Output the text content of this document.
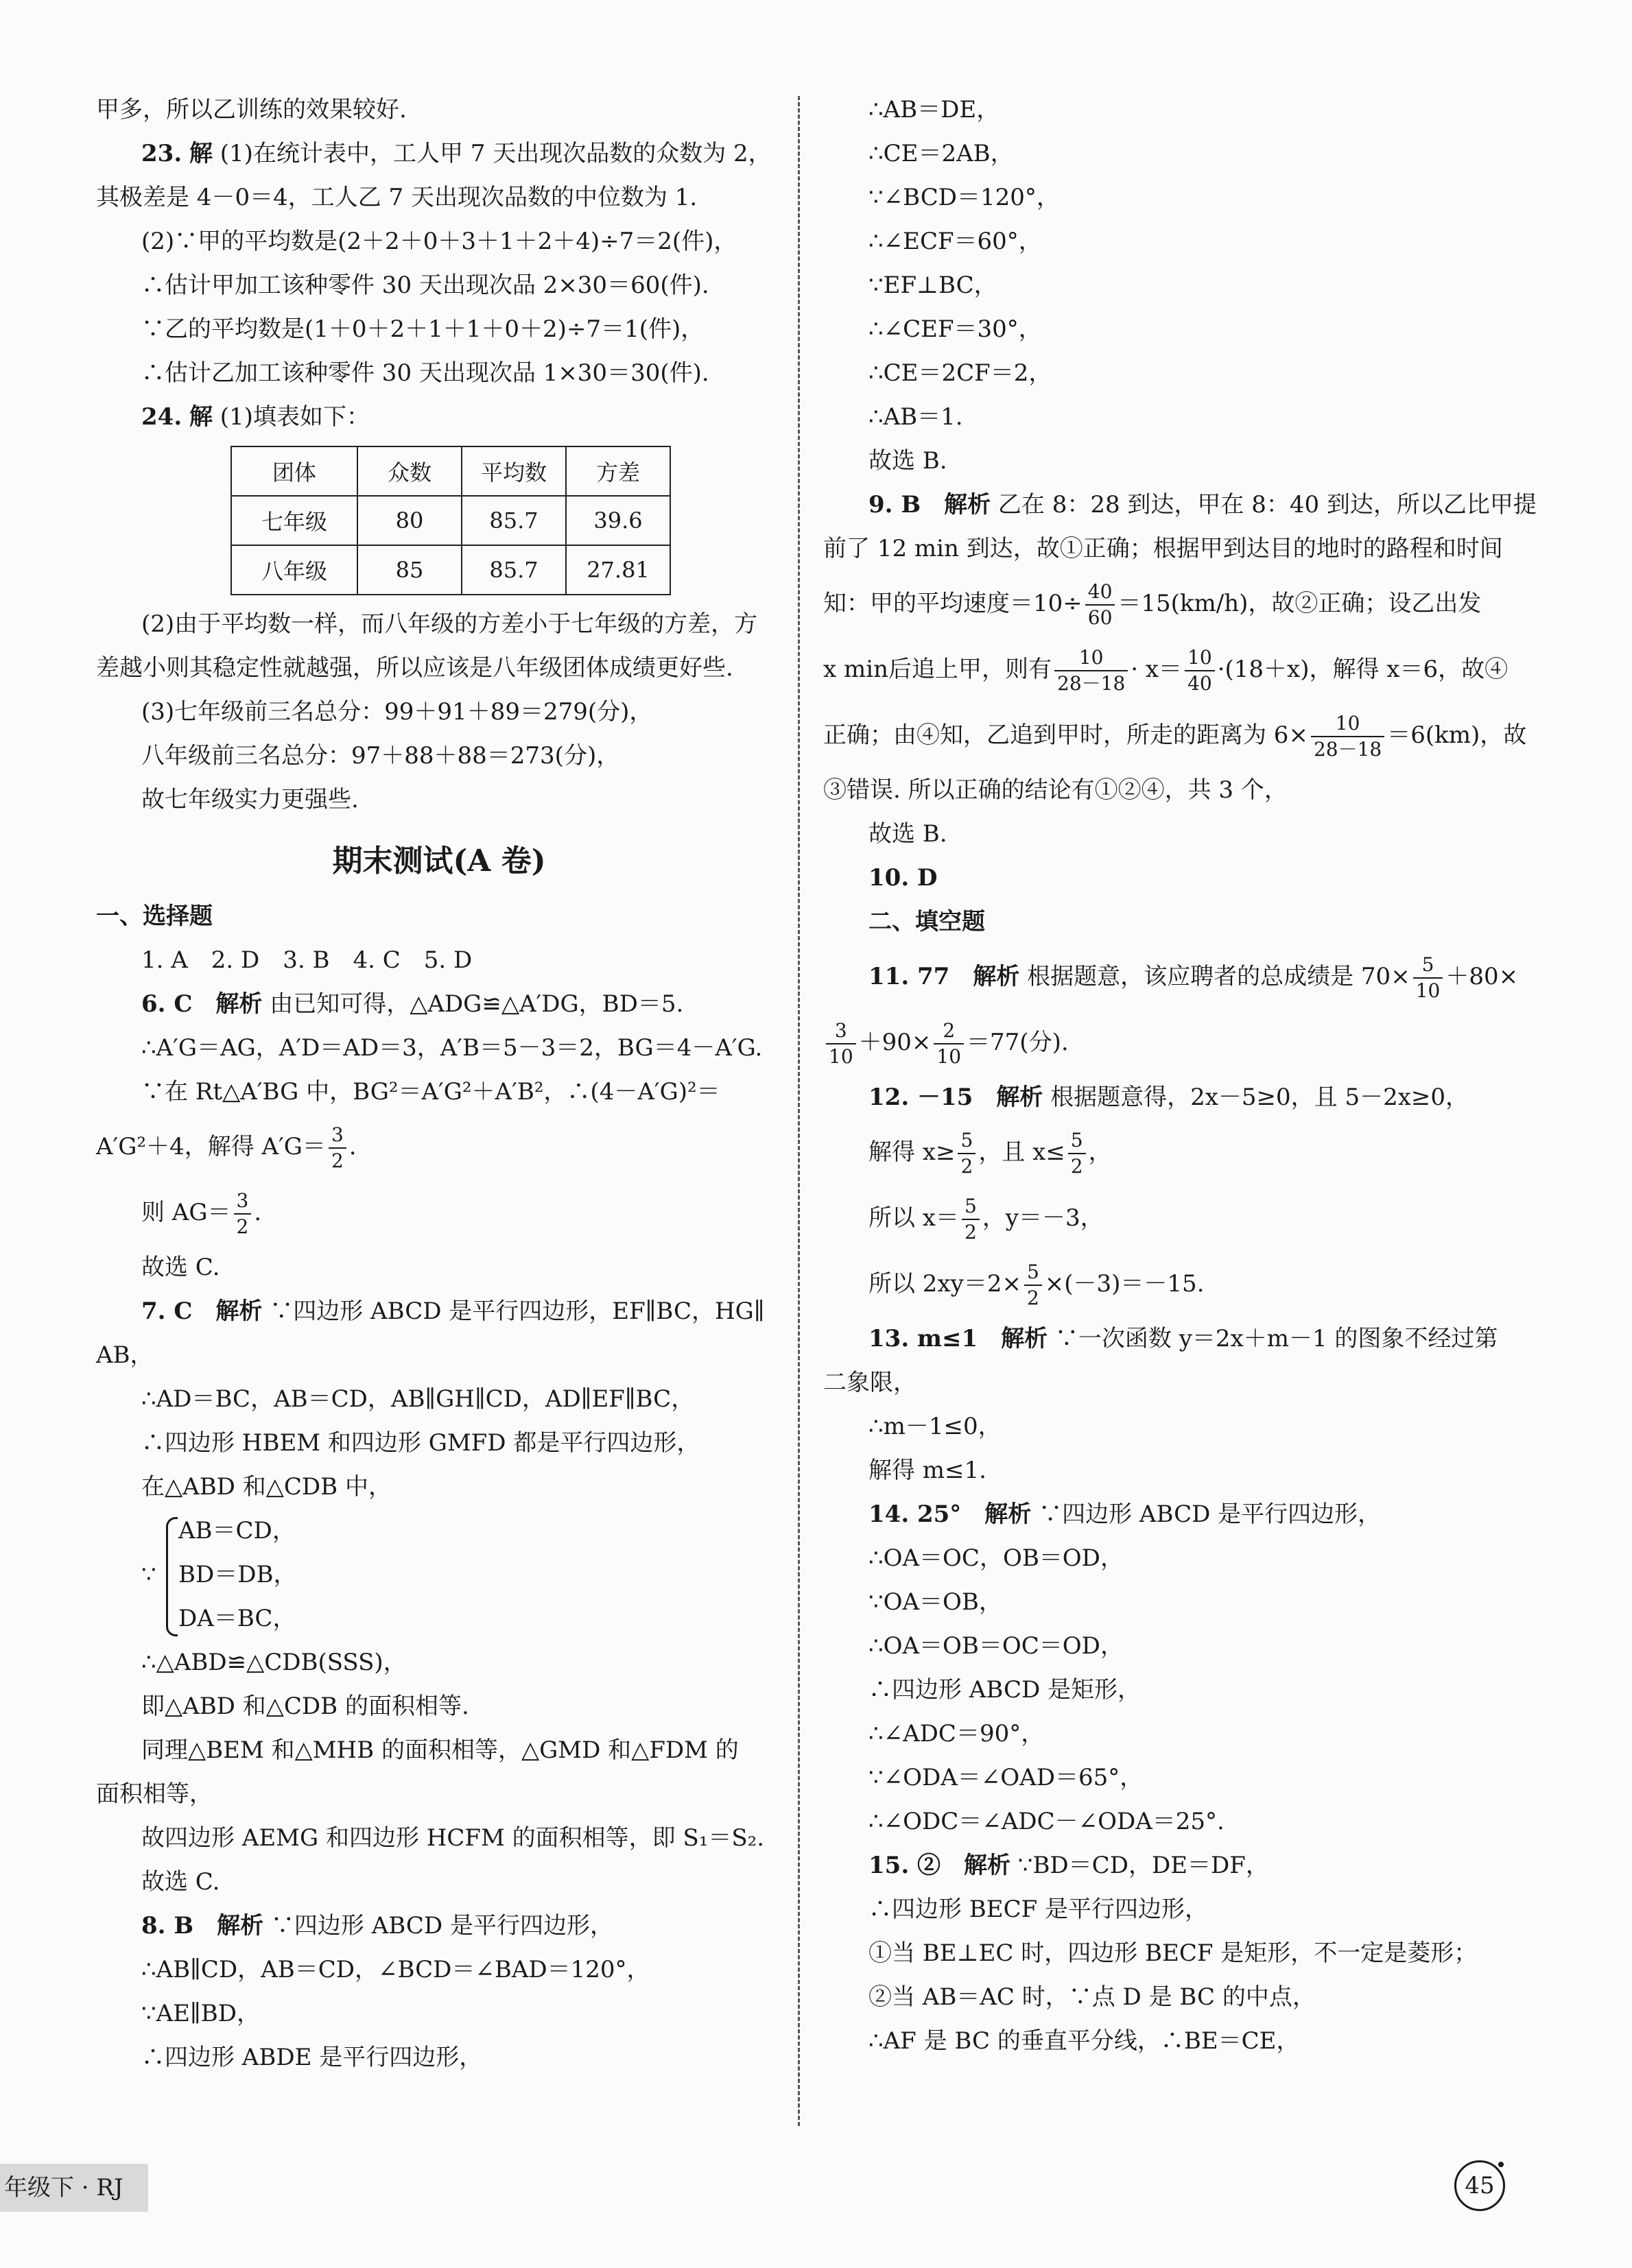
甲多，所以乙训练的效果较好.
23. 解 (1)在统计表中，工人甲 7 天出现次品数的众数为 2，
其极差是 4－0＝4，工人乙 7 天出现次品数的中位数为 1.
(2)∵甲的平均数是(2＋2＋0＋3＋1＋2＋4)÷7＝2(件)，
∴估计甲加工该种零件 30 天出现次品 2×30＝60(件).
∵乙的平均数是(1＋0＋2＋1＋1＋0＋2)÷7＝1(件)，
∴估计乙加工该种零件 30 天出现次品 1×30＝30(件).
24. 解 (1)填表如下：
团体	众数	平均数	方差
七年级	80	85.7	39.6
八年级	85	85.7	27.81
(2)由于平均数一样，而八年级的方差小于七年级的方差，方
差越小则其稳定性就越强，所以应该是八年级团体成绩更好些.
(3)七年级前三名总分：99＋91＋89＝279(分)，
八年级前三名总分：97＋88＋88＝273(分)，
故七年级实力更强些.
期末测试(A 卷)
一、选择题
1. A　2. D　3. B　4. C　5. D
6. C　解析 由已知可得，△ADG≌△A′DG，BD＝5.
∴A′G＝AG，A′D＝AD＝3，A′B＝5－3＝2，BG＝4－A′G.
∵在 Rt△A′BG 中，BG²＝A′G²＋A′B²，∴(4－A′G)²＝
A′G²＋4，解得 $A'G= \frac{3}{2}$ .
则 $AG= \frac{3}{2}$ .
故选 C.
7. C　解析 ∵四边形 ABCD 是平行四边形，EF∥BC，HG∥
AB，
∴AD＝BC，AB＝CD，AB∥GH∥CD，AD∥EF∥BC，
∴四边形 HBEM 和四边形 GMFD 都是平行四边形，
在△ABD 和△CDB 中，
∵
AB＝CD，
BD＝DB，
DA＝BC，
∴△ABD≌△CDB(SSS)，
即△ABD 和△CDB 的面积相等.
同理△BEM 和△MHB 的面积相等，△GMD 和△FDM 的
面积相等，
故四边形 AEMG 和四边形 HCFM 的面积相等，即 S₁＝S₂.
故选 C.
8. B　解析 ∵四边形 ABCD 是平行四边形，
∴AB∥CD，AB＝CD，∠BCD＝∠BAD＝120°，
∵AE∥BD，
∴四边形 ABDE 是平行四边形，
∴AB＝DE，
∴CE＝2AB，
∵∠BCD＝120°，
∴∠ECF＝60°，
∵EF⊥BC，
∴∠CEF＝30°，
∴CE＝2CF＝2，
∴AB＝1.
故选 B.
9. B　解析 乙在 8：28 到达，甲在 8：40 到达，所以乙比甲提
前了 12 min 到达，故①正确；根据甲到达目的地时的路程和时间
知：甲的平均速度$=10\div \frac{40}{60} =15(km/h)$，故②正确；设乙出发
x min后追上甲，则有 $\frac{10}{28-18} \cdot x= \frac{10}{40} \cdot(18+x)$，解得 x＝6，故④
正确；由④知，乙追到甲时，所走的距离为 $6\times \frac{10}{28-18} =6(km)$，故
③错误. 所以正确的结论有①②④，共 3 个，
故选 B.
10. D
二、填空题
11. 77　解析 根据题意，该应聘者的总成绩是 $70\times \frac{5}{10} +80\times$
$\frac{3}{10} +90\times \frac{2}{10} =77$(分).
12. －15　解析 根据题意得，2x－5≥0，且 5－2x≥0，
解得 $x\ge \frac{5}{2}$ ，且 $x\le \frac{5}{2}$ ，
所以 $x= \frac{5}{2}$ ，y＝－3，
所以 $2xy=2\times \frac{5}{2} \times(-3)=-15$.
13. m≤1　解析 ∵一次函数 y＝2x＋m－1 的图象不经过第
二象限，
∴m－1≤0，
解得 m≤1.
14. 25°　解析 ∵四边形 ABCD 是平行四边形，
∴OA＝OC，OB＝OD，
∵OA＝OB，
∴OA＝OB＝OC＝OD，
∴四边形 ABCD 是矩形，
∴∠ADC＝90°，
∵∠ODA＝∠OAD＝65°，
∴∠ODC＝∠ADC－∠ODA＝25°.
15. ②　解析 ∵BD＝CD，DE＝DF，
∴四边形 BECF 是平行四边形，
①当 BE⊥EC 时，四边形 BECF 是矩形，不一定是菱形；
②当 AB＝AC 时，∵点 D 是 BC 的中点，
∴AF 是 BC 的垂直平分线，∴BE＝CE，
年级下 · RJ	45
